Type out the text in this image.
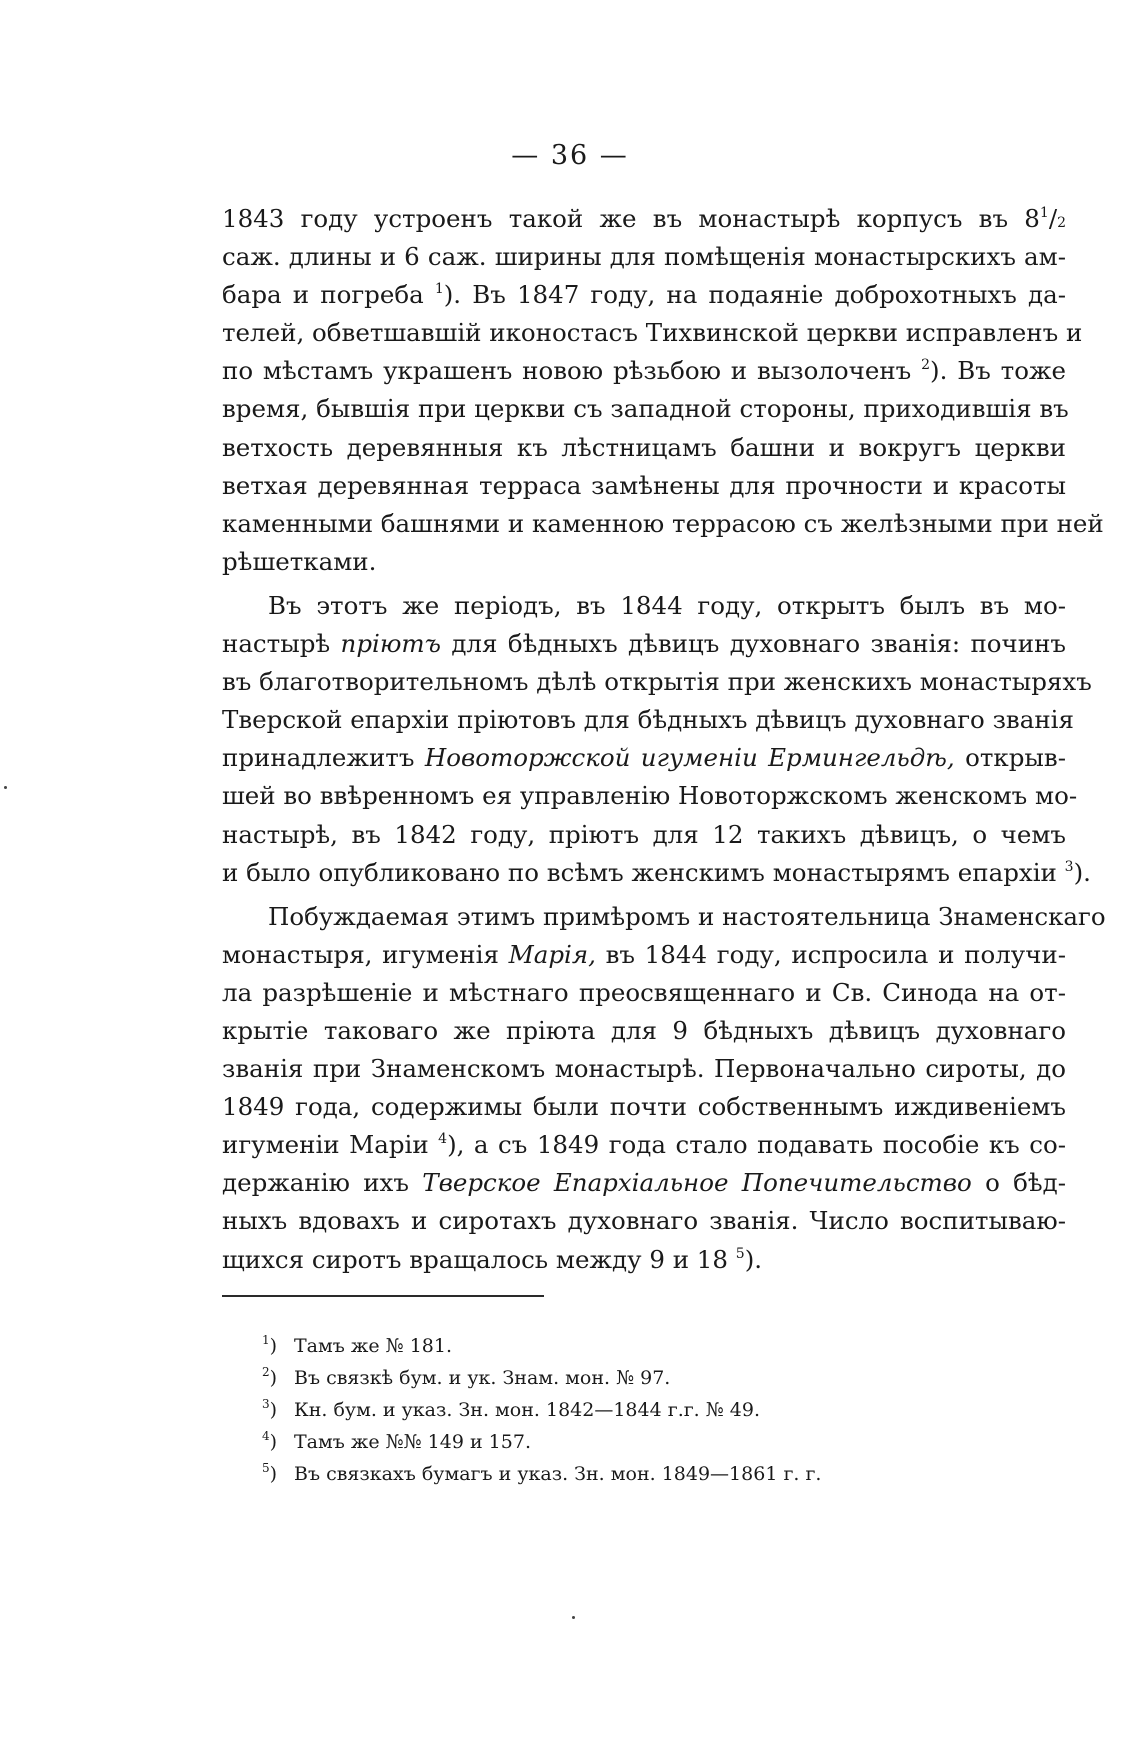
— 36 —
1843 году устроенъ такой же въ монастырѣ корпусъ въ $8^1/2$
саж. длины и 6 саж. ширины для помѣщенія монастырскихъ ам-
бара и погреба $^1$). Въ 1847 году, на подаяніе доброхотныхъ да-
телей, обветшавшій иконостасъ Тихвинской церкви исправленъ и
по мѣстамъ украшенъ новою рѣзьбою и вызолоченъ $^2$). Въ тоже
время, бывшія при церкви съ западной стороны, приходившія въ
ветхость деревянныя къ лѣстницамъ башни и вокругъ церкви
ветхая деревянная терраса замѣнены для прочности и красоты
каменными башнями и каменною террасою съ желѣзными при ней
рѣшетками.
Въ этотъ же періодъ, въ 1844 году, открытъ былъ въ мо-
настырѣ пріютъ для бѣдныхъ дѣвицъ духовнаго званія: починъ
въ благотворительномъ дѣлѣ открытія при женскихъ монастыряхъ
Тверской епархіи пріютовъ для бѣдныхъ дѣвицъ духовнаго званія
принадлежитъ Новоторжской игуменіи Ермингельдѣ, открыв-
шей во ввѣренномъ ея управленію Новоторжскомъ женскомъ мо-
настырѣ, въ 1842 году, пріютъ для 12 такихъ дѣвицъ, о чемъ
и было опубликовано по всѣмъ женскимъ монастырямъ епархіи $^3$).
Побуждаемая этимъ примѣромъ и настоятельница Знаменскаго
монастыря, игуменія Марія, въ 1844 году, испросила и получи-
ла разрѣшеніе и мѣстнаго преосвященнаго и Св. Синода на от-
крытіе таковаго же пріюта для 9 бѣдныхъ дѣвицъ духовнаго
званія при Знаменскомъ монастырѣ. Первоначально сироты, до
1849 года, содержимы были почти собственнымъ иждивеніемъ
игуменіи Маріи $^4$), а съ 1849 года стало подавать пособіе къ со-
держанію ихъ Тверское Епархіальное Попечительство о бѣд-
ныхъ вдовахъ и сиротахъ духовнаго званія. Число воспитываю-
щихся сиротъ вращалось между 9 и 18 $^5$).
$^1$) Тамъ же № 181.
$^2$) Въ связкѣ бум. и ук. Знам. мон. № 97.
$^3$) Кн. бум. и указ. Зн. мон. 1842—1844 г.г. № 49.
$^4$) Тамъ же №№ 149 и 157.
$^5$) Въ связкахъ бумагъ и указ. Зн. мон. 1849—1861 г. г.
